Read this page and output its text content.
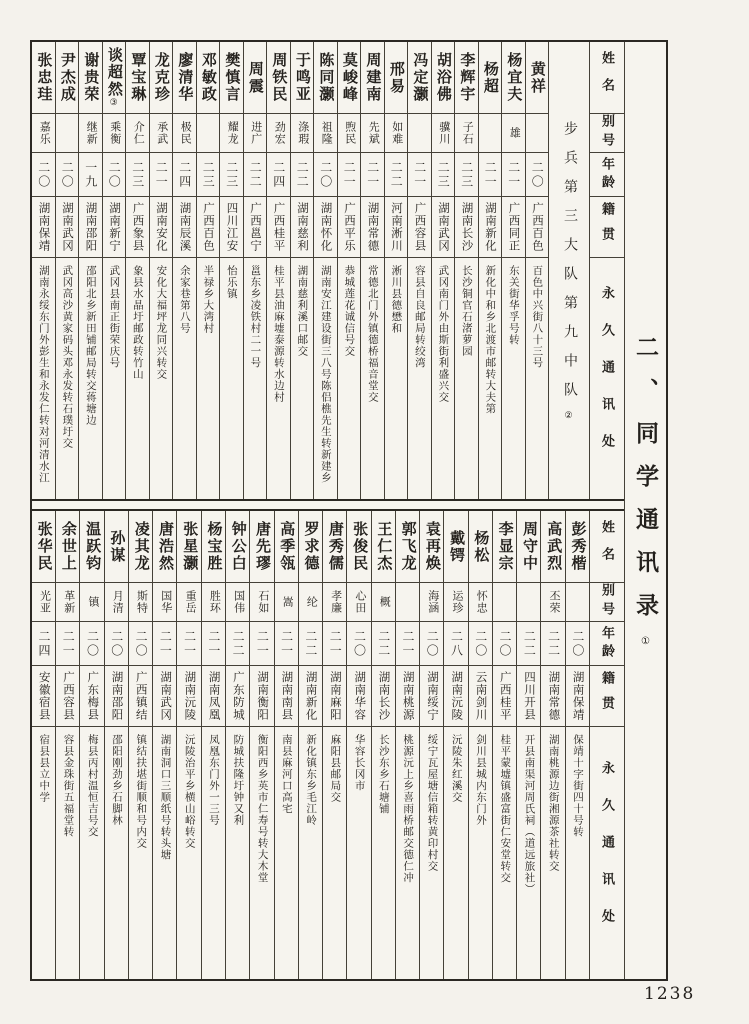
二、同学通讯录①
姓名
别号
年龄
籍贯
永久通讯处
步兵第三大队第九中队
②
黄祥
二〇
广西百色
百色中兴街八十三号
杨宜夫
雄
二一
广西同正
东关街华孚号转
杨超
二一
湖南新化
新化中和乡北渡市邮转大夫第
李辉宇
子石
二三
湖南长沙
长沙铜官石渚萝园
胡浴佛
骥川
二三
湖南武冈
武冈南门外由斯街利盛兴交
冯定灏
二一
广西容县
容县自良邮局转绞湾
邢易
如难
二二
河南淅川
淅川县德懋和
周建南
先斌
二一
湖南常德
常德北门外镇德桥福音堂交
莫峻峰
煦民
二一
广西平乐
恭城莲花诚信号交
陈同灏
祖隆
二〇
湖南怀化
湖南安江建设街三八号陈侣樵先生转新建乡
于鸣亚
涤瑕
二二
湖南慈利
湖南慈利溪口邮交
周铁民
劲宏
二四
广西桂平
桂平县油麻墟泰源转水边村
周震
进广
二二
广西邕宁
邕东乡凌铁村二一号
樊慎言
耀龙
二三
四川江安
怡乐镇
邓敏政
二三
广西百色
半禄乡大湾村
廖清华
极民
二四
湖南辰溪
余家巷第八号
龙克珍
承武
二一
湖南安化
安化大福坪龙同兴转交
覃宝琳
介仁
二三
广西象县
象县水晶圩邮政转竹山
谈超然
③
乘衡
二〇
湖南新宁
武冈县南正街荣庆号
谢贵荣
继新
一九
湖南邵阳
邵阳北乡新田铺邮局转交蒋塘边
尹杰成
二〇
湖南武冈
武冈高沙黄家码头邓永发转石璞圩交
张忠珪
嘉乐
二〇
湖南保靖
湖南永绥东门外彭生和永发仁转对河清水江
姓名
别号
年龄
籍贯
永久通讯处
彭秀楷
二〇
湖南保靖
保靖十字街四十号转
高武烈
丕荣
二二
湖南常德
湖南桃源边街湘源茶社转交
周守中
二二
四川开县
开县南渠河周氏祠（道远旅社）
李显宗
二〇
广西桂平
桂平蒙墟镇盛富街仁安堂转交
杨松
怀忠
二〇
云南剑川
剑川县城内东门外
戴锷
运珍
二八
湖南沅陵
沅陵朱红溪交
袁再焕
海涵
二〇
湖南绥宁
绥宁瓦屋塘信箱转黄印村交
郭飞龙
二一
湖南桃源
桃源沅上乡喜雨桥邮交德仁冲
王仁杰
概
二二
湖南长沙
长沙东乡石塘铺
张俊民
心田
二〇
湖南华容
华容长冈市
唐秀儒
孝廉
二一
湖南麻阳
麻阳县邮局交
罗求德
纶
二二
湖南新化
新化镇东乡毛江岭
高季瓴
嵩
二一
湖南南县
南县麻河口高宅
唐先璆
石如
二一
湖南衡阳
衡阳西乡英市仁寿号转大木堂
钟公白
国伟
二二
广东防城
防城扶隆圩钟又利
杨宝胜
胜环
二一
湖南凤凰
凤凰东门外一三号
张星灏
重岳
二一
湖南沅陵
沅陵治平乡横山峪转交
唐浩然
国华
二一
湖南武冈
湖南洞口三顺纸号转头塘
凌其龙
斯特
二〇
广西镇结
镇结扶堪街顺和号内交
孙谋
月清
二〇
湖南邵阳
邵阳刚劲乡石脚林
温跃钧
镇
二〇
广东梅县
梅县丙村温恒吉号交
余世上
革新
二一
广西容县
容县金珠街五福堂转
张华民
光亚
二四
安徽宿县
宿县县立中学
1238
